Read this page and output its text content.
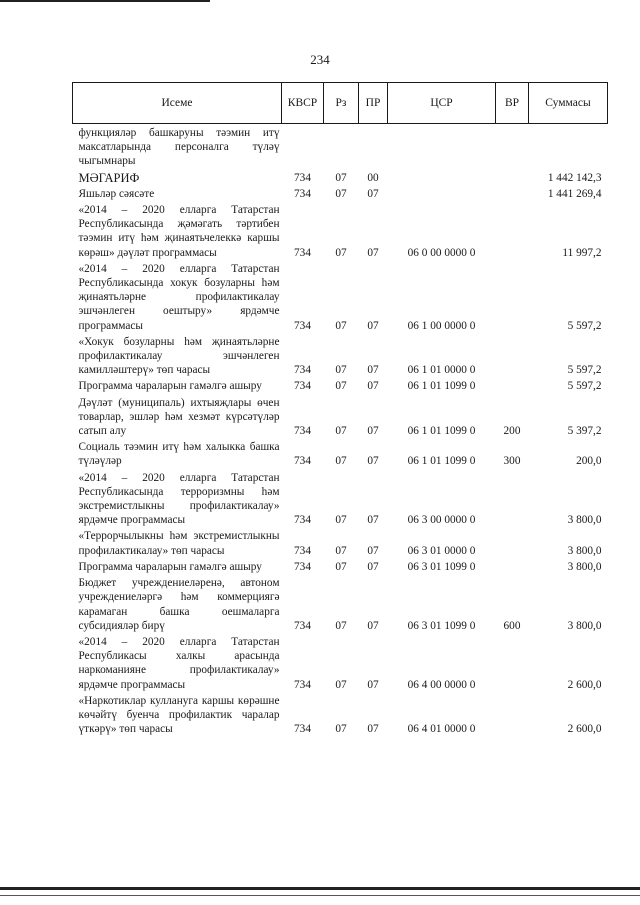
234
Исеме	КВСР	Рз	ПР	ЦСР	ВР	Суммасы
функцияләр башкаруны тәэмин итү максатларында персоналга түләү чыгымнары						
МӘГАРИФ	734	07	00			1 442 142,3
Яшьләр сәясәте	734	07	07			1 441 269,4
«2014 – 2020 елларга Татарстан Республикасында җәмәгать тәртибен тәэмин итү һәм җинаятьчелеккә каршы көрәш» дәүләт программасы	734	07	07	06 0 00 0000 0		11 997,2
«2014 – 2020 елларга Татарстан Республикасында хокук бозуларны һәм җинаятьләрне профилактикалау эшчәнлеген оештыру» ярдәмче программасы	734	07	07	06 1 00 0000 0		5 597,2
«Хокук бозуларны һәм җинаятьләрне профилактикалау эшчәнлеген камилләштерү» төп чарасы	734	07	07	06 1 01 0000 0		5 597,2
Программа чараларын гамәлгә ашыру	734	07	07	06 1 01 1099 0		5 597,2
Дәүләт (муниципаль) ихтыяҗлары өчен товарлар, эшләр һәм хезмәт күрсәтүләр сатып алу	734	07	07	06 1 01 1099 0	200	5 397,2
Социаль тәэмин итү һәм халыкка башка түләүләр	734	07	07	06 1 01 1099 0	300	200,0
«2014 – 2020 елларга Татарстан Республикасында терроризмны һәм экстремистлыкны профилактикалау» ярдәмче программасы	734	07	07	06 3 00 0000 0		3 800,0
«Террорчылыкны һәм экстремистлыкны профилактикалау» төп чарасы	734	07	07	06 3 01 0000 0		3 800,0
Программа чараларын гамәлгә ашыру	734	07	07	06 3 01 1099 0		3 800,0
Бюджет учреждениеләренә, автоном учреждениеләргә һәм коммерциягә карамаган башка оешмаларга субсидияләр бирү	734	07	07	06 3 01 1099 0	600	3 800,0
«2014 – 2020 елларга Татарстан Республикасы халкы арасында наркоманияне профилактикалау» ярдәмче программасы	734	07	07	06 4 00 0000 0		2 600,0
«Наркотиклар куллануга каршы көрәшне көчәйтү буенча профилактик чаралар үткәрү» төп чарасы	734	07	07	06 4 01 0000 0		2 600,0
